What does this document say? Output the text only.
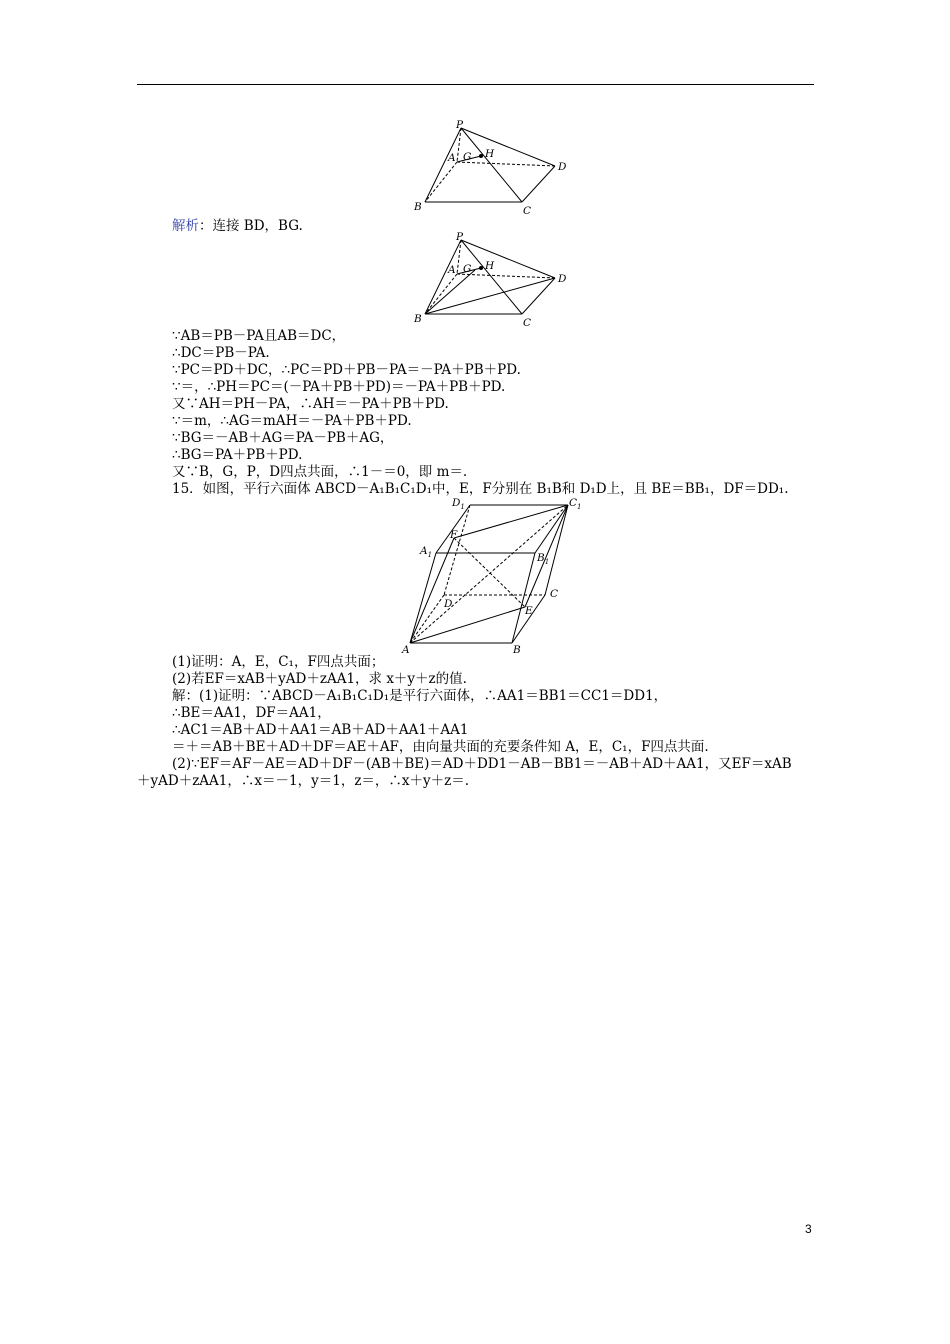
P
A G H
D
B	C
P
A G H
D
B	C
解析：连接 BD，BG.
∵AB＝PB－PA且AB＝DC，
∴DC＝PB－PA.
∵PC＝PD＋DC，∴PC＝PD＋PB－PA＝－PA＋PB＋PD.
∵＝，∴PH＝PC＝(－PA＋PB＋PD)＝－PA＋PB＋PD.
又∵AH＝PH－PA，∴AH＝－PA＋PB＋PD.
∵＝m，∴AG＝mAH＝－PA＋PB＋PD.
∵BG＝－AB＋AG＝PA－PB＋AG，
∴BG＝PA＋PB＋PD.
又∵B，G，P，D四点共面，∴1－＝0，即 m＝.
15．如图，平行六面体 ABCD－A₁B₁C₁D₁中，E，F分别在 B₁B和 D₁D上，且 BE＝BB₁，DF＝DD₁.
$D_1$	$C_1$
$A_1$	$B_1$
F
D
C
E
A	B
(1)证明：A，E，C₁，F四点共面；
(2)若EF＝xAB＋yAD＋zAA1，求 x＋y＋z的值.
解：(1)证明：∵ABCD－A₁B₁C₁D₁是平行六面体，∴AA1＝BB1＝CC1＝DD1，
∴BE＝AA1，DF＝AA1，
∴AC1＝AB＋AD＋AA1＝AB＋AD＋AA1＋AA1
＝＋＝AB＋BE＋AD＋DF＝AE＋AF，由向量共面的充要条件知 A，E，C₁，F四点共面.
(2)∵EF＝AF－AE＝AD＋DF－(AB＋BE)＝AD＋DD1－AB－BB1＝－AB＋AD＋AA1，又EF＝xAB
＋yAD＋zAA1，∴x＝－1，y＝1，z＝，∴x＋y＋z＝.
3
